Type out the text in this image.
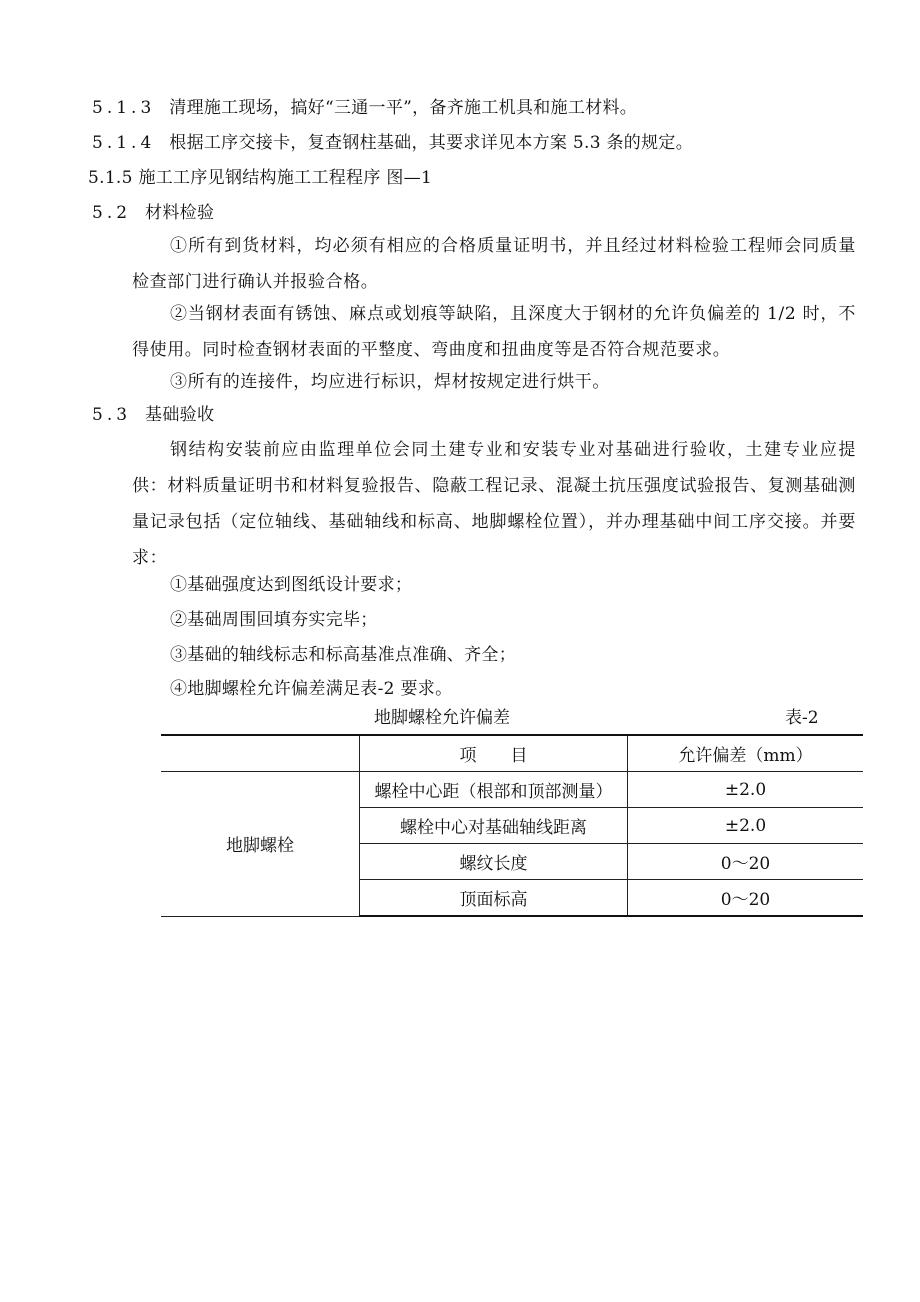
5.1.3 清理施工现场，搞好“三通一平”，备齐施工机具和施工材料。
5.1.4 根据工序交接卡，复查钢柱基础，其要求详见本方案 5.3 条的规定。
5.1.5 施工工序见钢结构施工工程程序 图—1
5.2 材料检验
①所有到货材料，均必须有相应的合格质量证明书，并且经过材料检验工程师会同质量检查部门进行确认并报验合格。
②当钢材表面有锈蚀、麻点或划痕等缺陷，且深度大于钢材的允许负偏差的 1/2 时，不得使用。同时检查钢材表面的平整度、弯曲度和扭曲度等是否符合规范要求。
③所有的连接件，均应进行标识，焊材按规定进行烘干。
5.3 基础验收
钢结构安装前应由监理单位会同土建专业和安装专业对基础进行验收，土建专业应提供：材料质量证明书和材料复验报告、隐蔽工程记录、混凝土抗压强度试验报告、复测基础测量记录包括（定位轴线、基础轴线和标高、地脚螺栓位置），并办理基础中间工序交接。并要求：
①基础强度达到图纸设计要求；
②基础周围回填夯实完毕；
③基础的轴线标志和标高基准点准确、齐全；
④地脚螺栓允许偏差满足表-2 要求。
地脚螺栓允许偏差	表-2
	项　　目	允许偏差（mm）
地脚螺栓	螺栓中心距（根部和顶部测量）	±2.0
	螺栓中心对基础轴线距离	±2.0
	螺纹长度	0～20
	顶面标高	0～20
